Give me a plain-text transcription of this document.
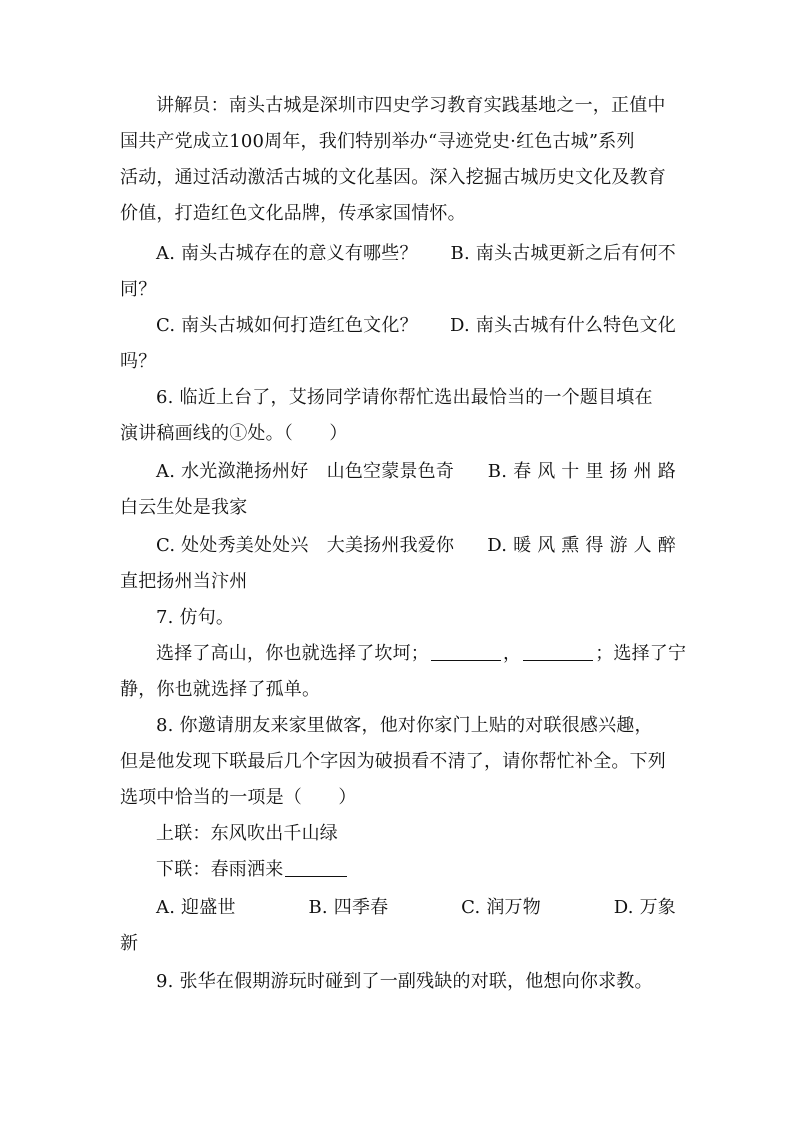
讲解员：南头古城是深圳市四史学习教育实践基地之一，正值中
国共产党成立100周年，我们特别举办“寻迹党史·红色古城”系列
活动，通过活动激活古城的文化基因。深入挖掘古城历史文化及教育
价值，打造红色文化品牌，传承家国情怀。
A. 南头古城存在的意义有哪些？ B. 南头古城更新之后有何不
同？
C. 南头古城如何打造红色文化？ D. 南头古城有什么特色文化
吗？
6. 临近上台了，艾扬同学请你帮忙选出最恰当的一个题目填在
演讲稿画线的①处。（　　）
A. 水光潋滟扬州好　山色空蒙景色奇 B. 春 风 十 里 扬 州 路
白云生处是我家
C. 处处秀美处处兴　大美扬州我爱你 D. 暖 风 熏 得 游 人 醉
直把扬州当汴州
7. 仿句。
选择了高山，你也就选择了坎坷；	，	；选择了宁
静，你也就选择了孤单。
8. 你邀请朋友来家里做客，他对你家门上贴的对联很感兴趣，
但是他发现下联最后几个字因为破损看不清了，请你帮忙补全。下列
选项中恰当的一项是（　　）
上联：东风吹出千山绿
下联：春雨洒来
A. 迎盛世	B. 四季春	C. 润万物	D. 万象
新
9. 张华在假期游玩时碰到了一副残缺的对联，他想向你求教。
